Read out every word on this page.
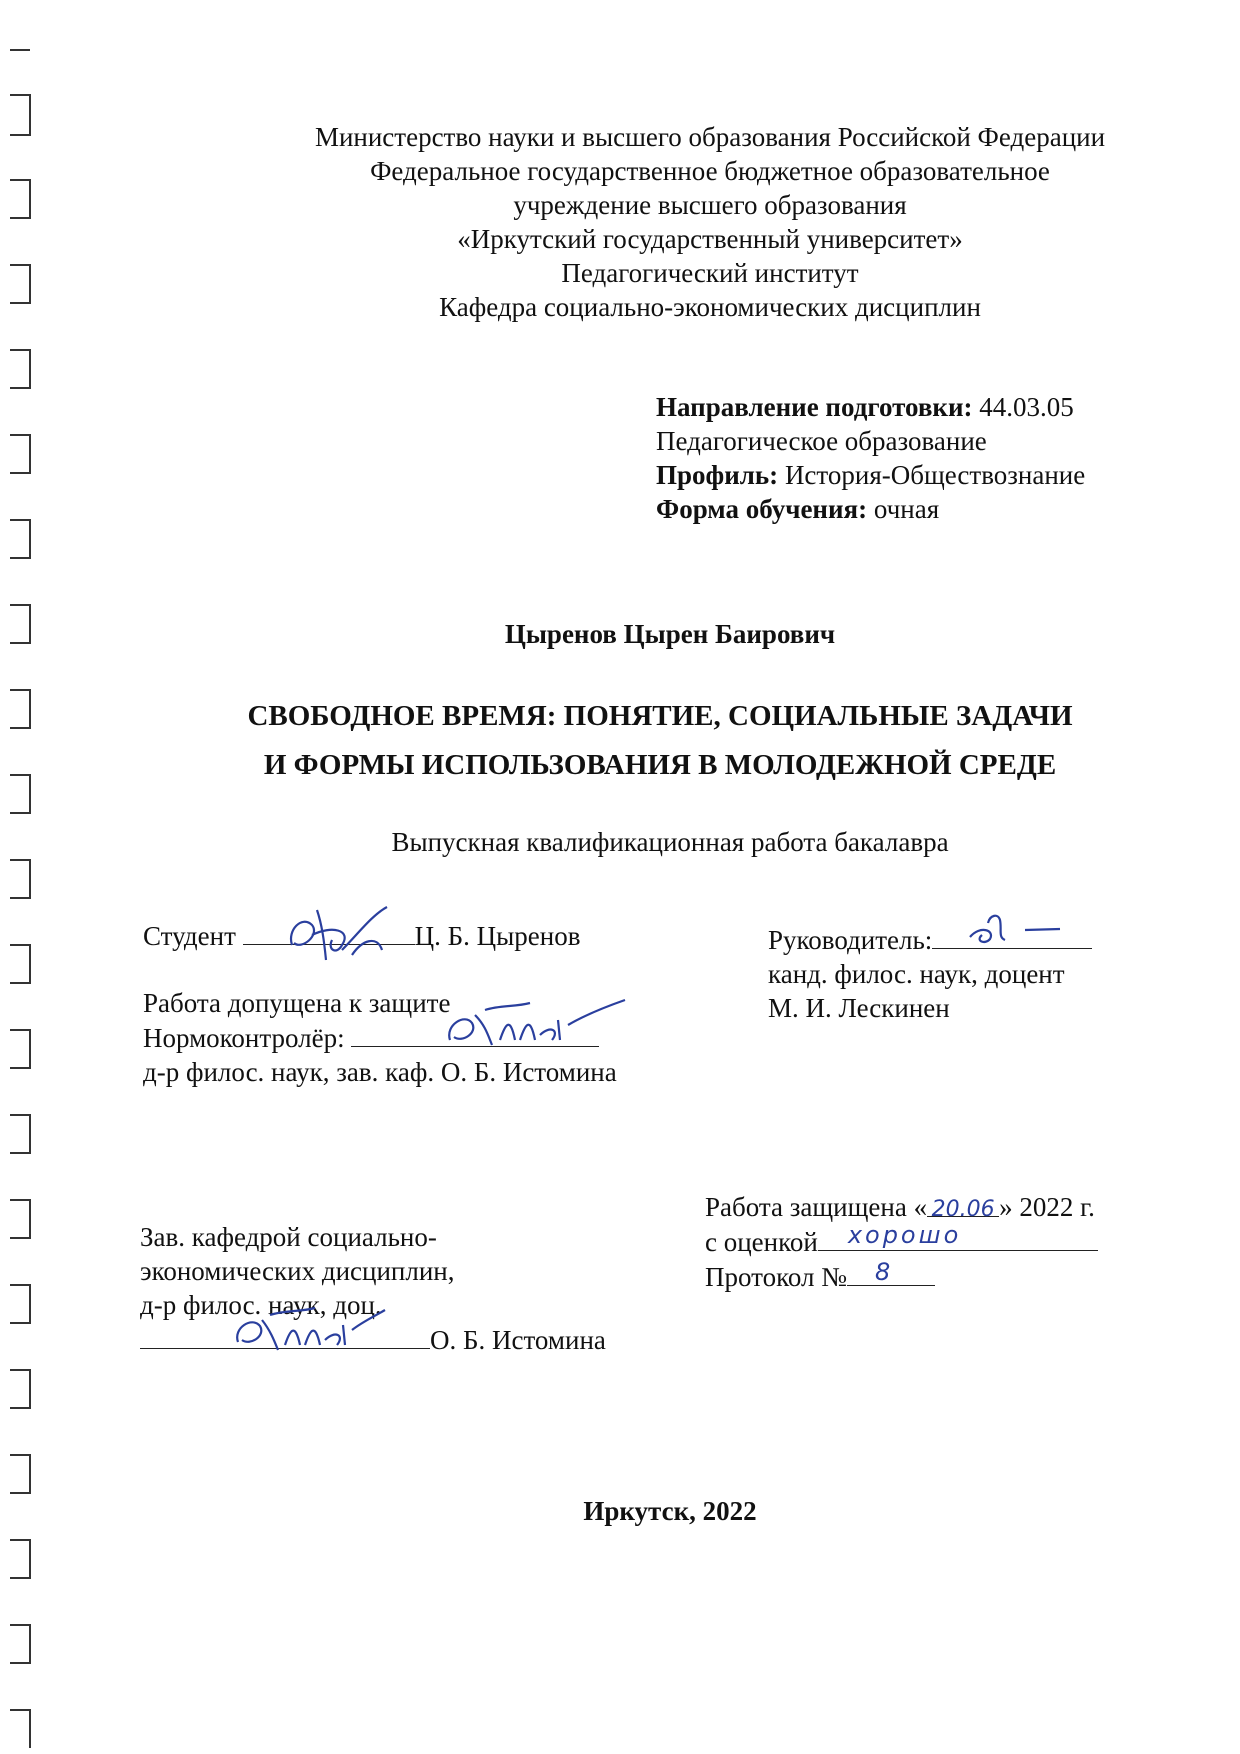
Министерство науки и высшего образования Российской Федерации
Федеральное государственное бюджетное образовательное
учреждение высшего образования
«Иркутский государственный университет»
Педагогический институт
Кафедра социально-экономических дисциплин
Направление подготовки: 44.03.05
Педагогическое образование
Профиль: История-Обществознание
Форма обучения: очная
Цыренов Цырен Баирович
СВОБОДНОЕ ВРЕМЯ: ПОНЯТИЕ, СОЦИАЛЬНЫЕ ЗАДАЧИ
И ФОРМЫ ИСПОЛЬЗОВАНИЯ В МОЛОДЕЖНОЙ СРЕДЕ
Выпускная квалификационная работа бакалавра
Студент	Ц. Б. Цыренов	Руководитель:
канд. филос. наук, доцент
М. И. Лескинен
Работа допущена к защите
Нормоконтролёр:
д-р филос. наук, зав. каф. О. Б. Истомина
Работа защищена « 20.06 » 2022 г.
с оценкой хорошо
Протокол № 8
Зав. кафедрой социально-
экономических дисциплин,
д-р филос. наук, доц.
О. Б. Истомина
Иркутск, 2022
